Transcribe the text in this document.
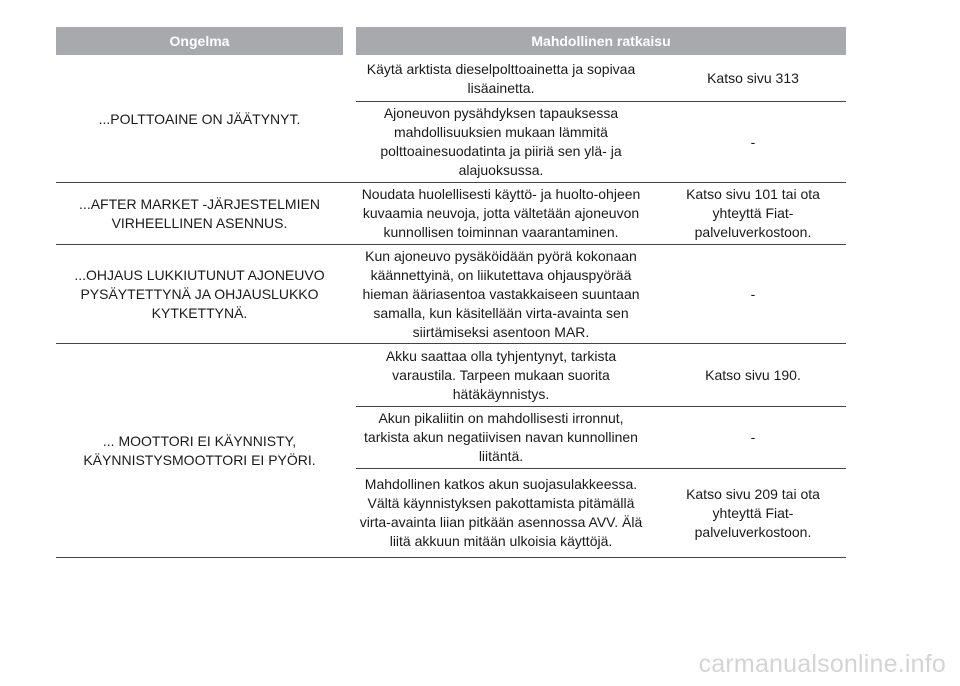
Ongelma	Mahdollinen ratkaisu
...POLTTOAINE ON JÄÄTYNYT.
Käytä arktista dieselpolttoainetta ja sopivaa
lisäainetta.
Katso sivu 313
Ajoneuvon pysähdyksen tapauksessa
mahdollisuuksien mukaan lämmitä
polttoainesuodatinta ja piiriä sen ylä- ja
alajuoksussa.
-
...AFTER MARKET -JÄRJESTELMIEN
VIRHEELLINEN ASENNUS.
Noudata huolellisesti käyttö- ja huolto-ohjeen
kuvaamia neuvoja, jotta vältetään ajoneuvon
kunnollisen toiminnan vaarantaminen.
Katso sivu 101 tai ota
yhteyttä Fiat-
palveluverkostoon.
...OHJAUS LUKKIUTUNUT AJONEUVO
PYSÄYTETTYNÄ JA OHJAUSLUKKO
KYTKETTYNÄ.
Kun ajoneuvo pysäköidään pyörä kokonaan
käännettyinä, on liikutettava ohjauspyörää
hieman ääriasentoa vastakkaiseen suuntaan
samalla, kun käsitellään virta-avainta sen
siirtämiseksi asentoon MAR.
-
... MOOTTORI EI KÄYNNISTY,
KÄYNNISTYSMOOTTORI EI PYÖRI.
Akku saattaa olla tyhjentynyt, tarkista
varaustila. Tarpeen mukaan suorita
hätäkäynnistys.
Katso sivu 190.
Akun pikaliitin on mahdollisesti irronnut,
tarkista akun negatiivisen navan kunnollinen
liitäntä.
-
Mahdollinen katkos akun suojasulakkeessa.
Vältä käynnistyksen pakottamista pitämällä
virta-avainta liian pitkään asennossa AVV. Älä
liitä akkuun mitään ulkoisia käyttöjä.
Katso sivu 209 tai ota
yhteyttä Fiat-
palveluverkostoon.
carmanualsonline.info
